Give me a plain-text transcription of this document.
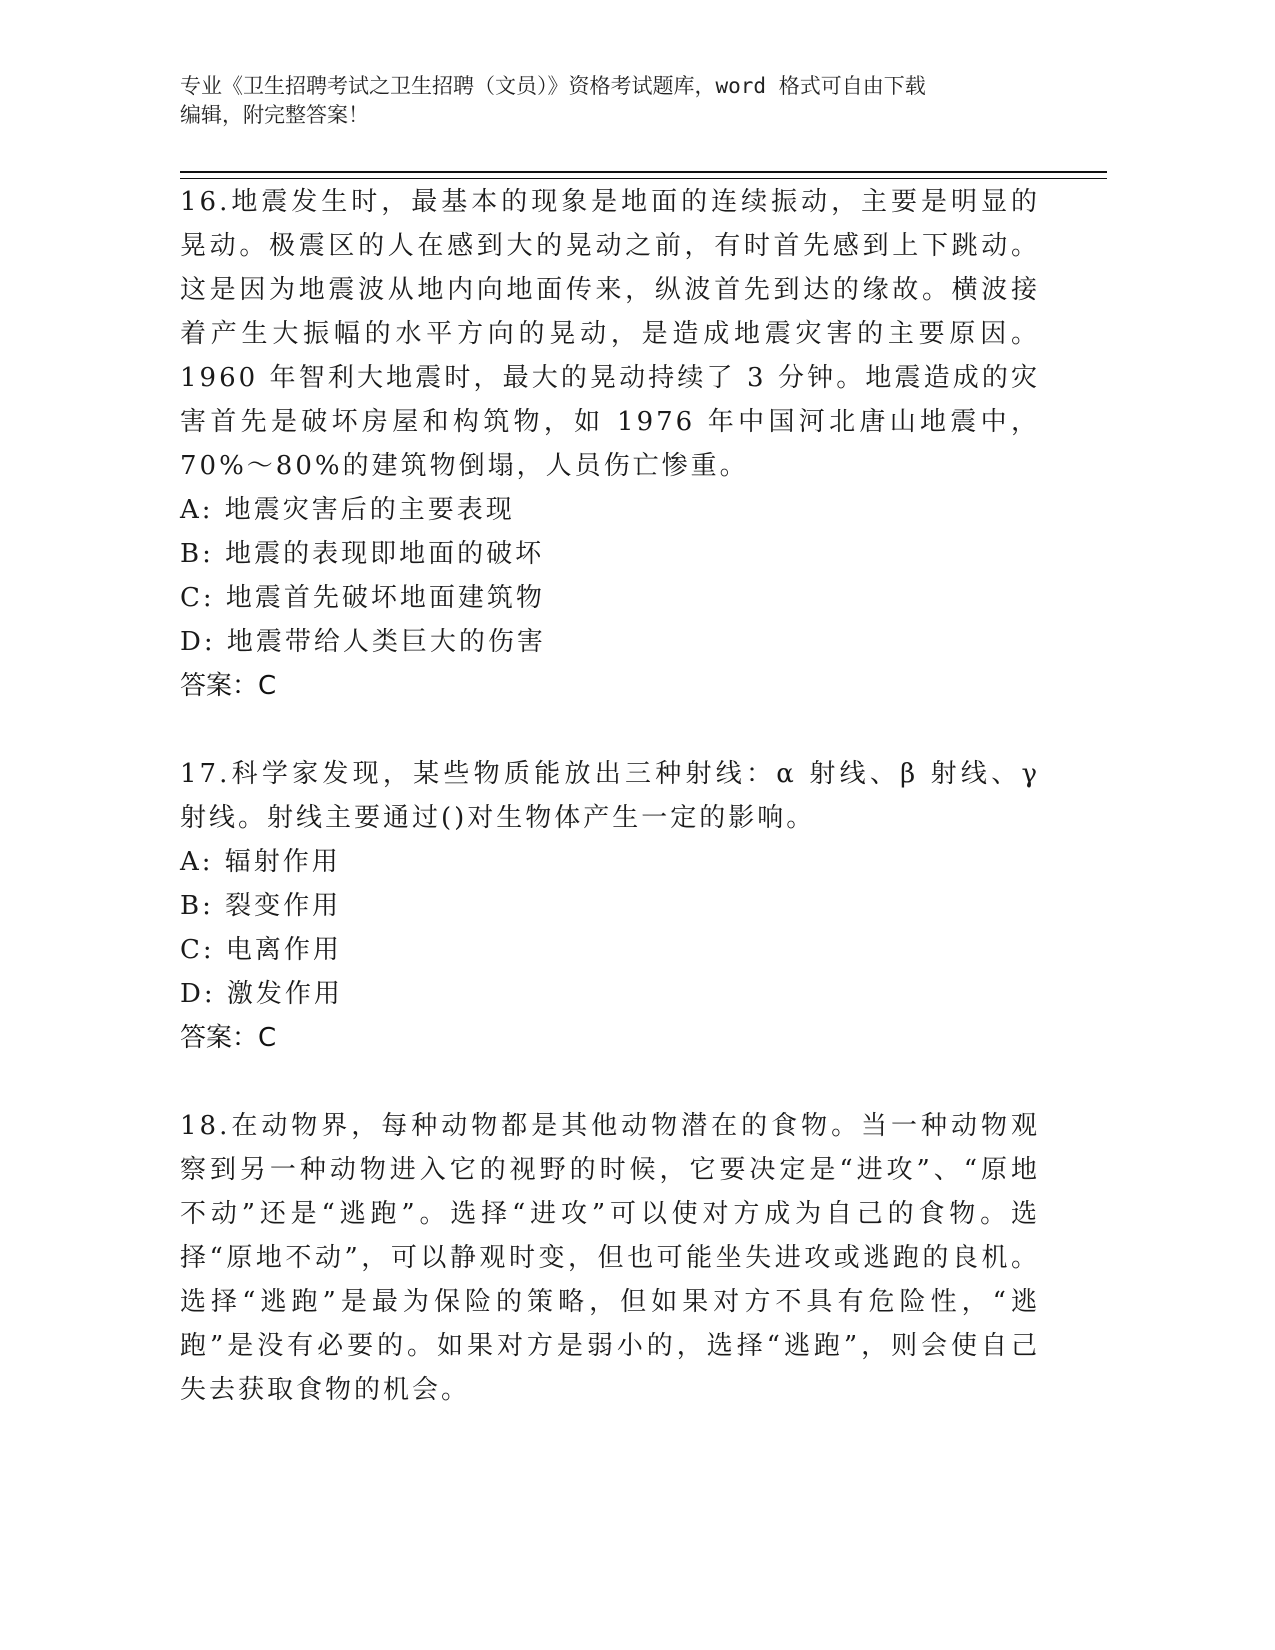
专业《卫生招聘考试之卫生招聘（文员）》资格考试题库，word 格式可自由下载
编辑，附完整答案！

16.地震发生时，最基本的现象是地面的连续振动，主要是明显的晃动。极震区的人在感到大的晃动之前，有时首先感到上下跳动。这是因为地震波从地内向地面传来，纵波首先到达的缘故。横波接着产生大振幅的水平方向的晃动，是造成地震灾害的主要原因。1960 年智利大地震时，最大的晃动持续了 3 分钟。地震造成的灾害首先是破坏房屋和构筑物，如 1976 年中国河北唐山地震中，70%～80%的建筑物倒塌，人员伤亡惨重。

A: 地震灾害后的主要表现

B: 地震的表现即地面的破坏

C: 地震首先破坏地面建筑物

D: 地震带给人类巨大的伤害

答案：C

17.科学家发现，某些物质能放出三种射线：α 射线、β 射线、γ 射线。射线主要通过()对生物体产生一定的影响。

A: 辐射作用

B: 裂变作用

C: 电离作用

D: 激发作用

答案：C

18.在动物界，每种动物都是其他动物潜在的食物。当一种动物观察到另一种动物进入它的视野的时候，它要决定是“进攻”、“原地不动”还是“逃跑”。选择“进攻”可以使对方成为自己的食物。选择“原地不动”，可以静观时变，但也可能坐失进攻或逃跑的良机。选择“逃跑”是最为保险的策略，但如果对方不具有危险性，“逃跑”是没有必要的。如果对方是弱小的，选择“逃跑”，则会使自己失去获取食物的机会。
